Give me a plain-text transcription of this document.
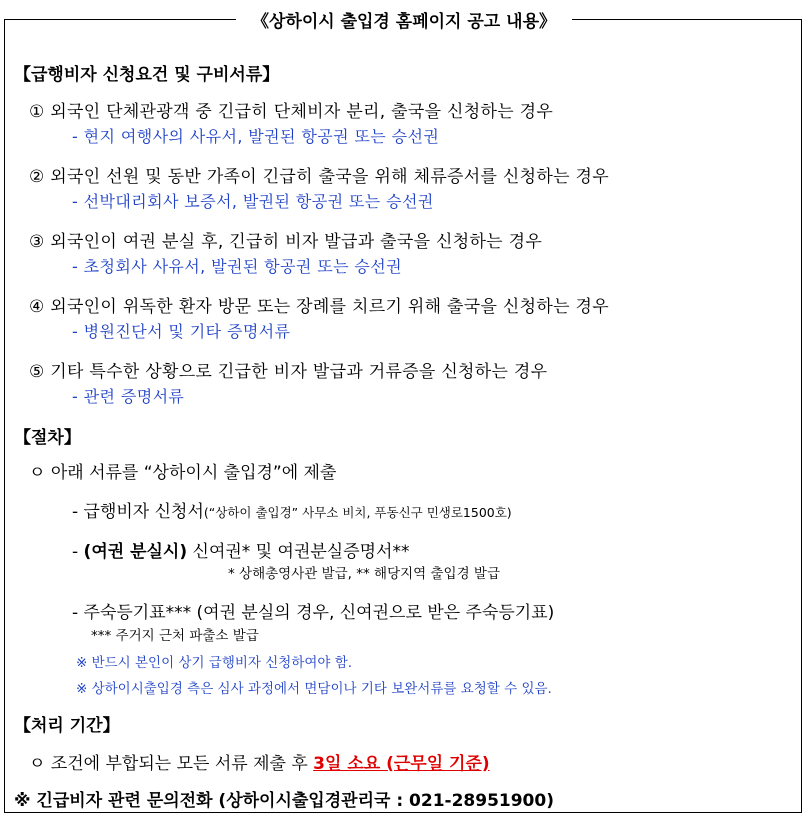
《상하이시 출입경 홈페이지 공고 내용》
【급행비자 신청요건 및 구비서류】
① 외국인 단체관광객 중 긴급히 단체비자 분리, 출국을 신청하는 경우
- 현지 여행사의 사유서, 발권된 항공권 또는 승선권
② 외국인 선원 및 동반 가족이 긴급히 출국을 위해 체류증서를 신청하는 경우
- 선박대리회사 보증서, 발권된 항공권 또는 승선권
③ 외국인이 여권 분실 후, 긴급히 비자 발급과 출국을 신청하는 경우
- 초청회사 사유서, 발권된 항공권 또는 승선권
④ 외국인이 위독한 환자 방문 또는 장례를 치르기 위해 출국을 신청하는 경우
- 병원진단서 및 기타 증명서류
⑤ 기타 특수한 상황으로 긴급한 비자 발급과 거류증을 신청하는 경우
- 관련 증명서류
【절차】
ㅇ 아래 서류를 “상하이시 출입경”에 제출
- 급행비자 신청서(“상하이 출입경” 사무소 비치, 푸동신구 민생로1500호)
- (여권 분실시) 신여권* 및 여권분실증명서**
* 상해총영사관 발급, ** 해당지역 출입경 발급
- 주숙등기표*** (여권 분실의 경우, 신여권으로 받은 주숙등기표)
*** 주거지 근처 파출소 발급
※ 반드시 본인이 상기 급행비자 신청하여야 함.
※ 상하이시출입경 측은 심사 과정에서 면담이나 기타 보완서류를 요청할 수 있음.
【처리 기간】
ㅇ 조건에 부합되는 모든 서류 제출 후 3일 소요 (근무일 기준)
※ 긴급비자 관련 문의전화 (상하이시출입경관리국 : 021-28951900)
